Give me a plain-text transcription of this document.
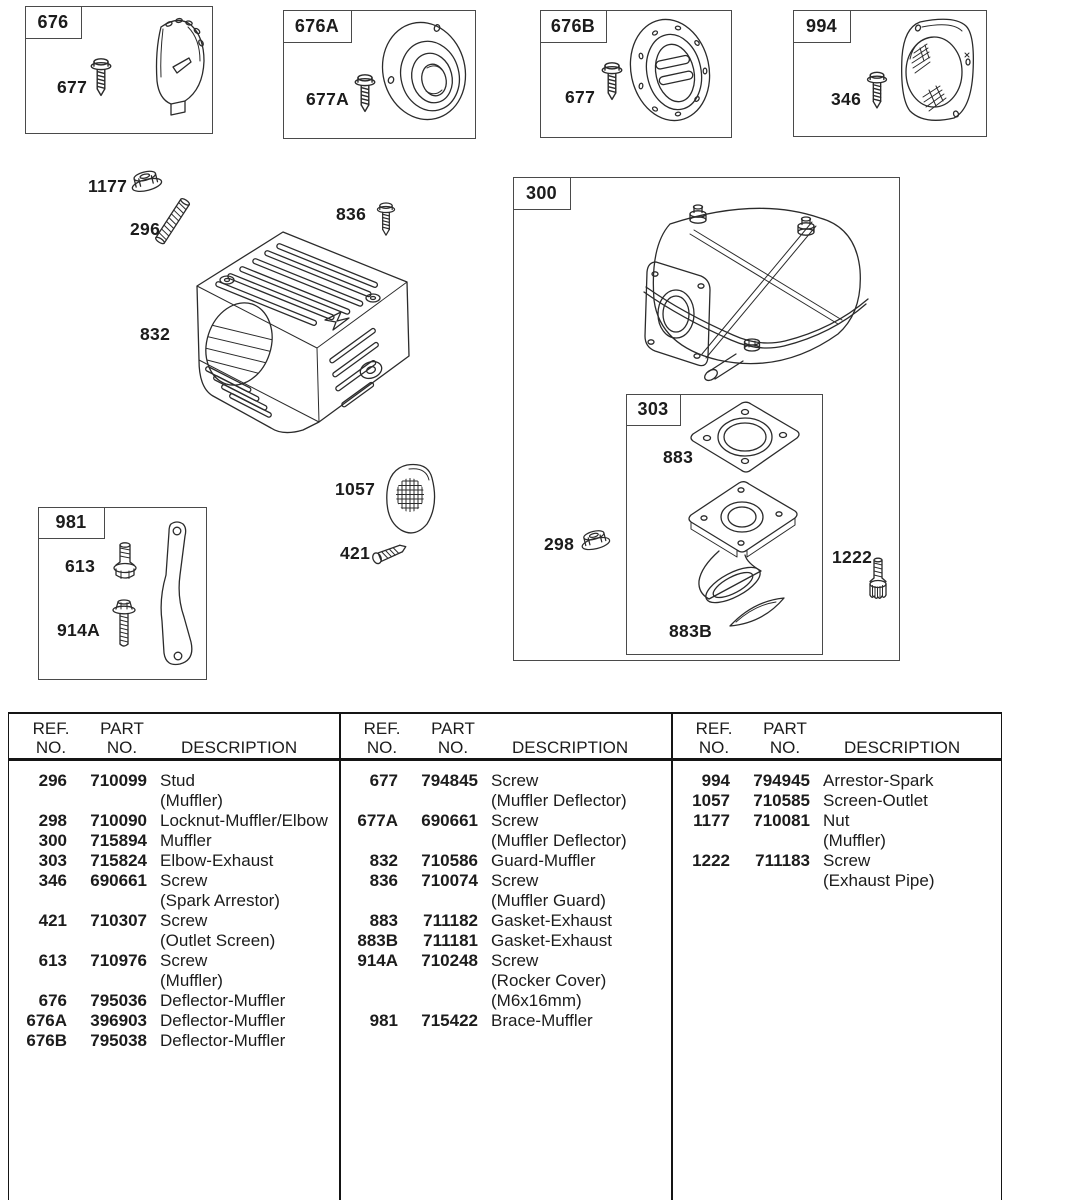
676
677
676A
677A
676B
677
994
346
1177
296
836
832
1057
421
300
298
1222
303
883
883B
981
613
914A
REF.
NO.
PART
NO.	DESCRIPTION
296	710099 Stud
(Muffler)
298	710090 Locknut-Muffler/Elbow
300	715894 Muffler
303	715824 Elbow-Exhaust
346	690661 Screw
(Spark Arrestor)
421	710307 Screw
(Outlet Screen)
613	710976 Screw
(Muffler)
676	795036 Deflector-Muffler
676A	396903 Deflector-Muffler
676B	795038 Deflector-Muffler
REF.
NO.
PART
NO.	DESCRIPTION
677	794845 Screw
(Muffler Deflector)
677A	690661 Screw
(Muffler Deflector)
832	710586 Guard-Muffler
836	710074 Screw
(Muffler Guard)
883	711182 Gasket-Exhaust
883B	711181 Gasket-Exhaust
914A	710248 Screw
(Rocker Cover)
(M6x16mm)
981	715422 Brace-Muffler
REF.
NO.
PART
NO.	DESCRIPTION
994	794945 Arrestor-Spark
1057	710585 Screen-Outlet
1177	710081 Nut
(Muffler)
1222	711183 Screw
(Exhaust Pipe)
